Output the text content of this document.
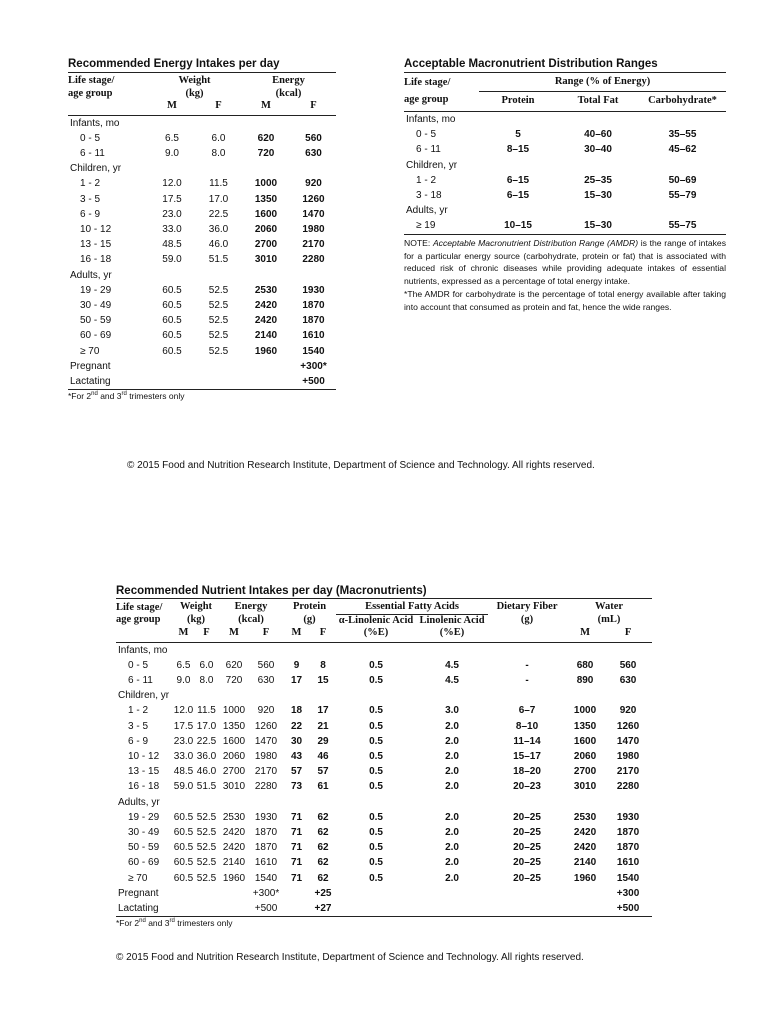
Recommended Energy Intakes per day
Life stage/	Weight		Energy	
age group	(kg)		(kcal)	
	M	F	M	F
Infants, mo				
0 - 5	6.5	6.0	620	560
6 - 11	9.0	8.0	720	630
Children, yr				
1 - 2	12.0	11.5	1000	920
3 - 5	17.5	17.0	1350	1260
6 - 9	23.0	22.5	1600	1470
10 - 12	33.0	36.0	2060	1980
13 - 15	48.5	46.0	2700	2170
16 - 18	59.0	51.5	3010	2280
Adults, yr				
19 - 29	60.5	52.5	2530	1930
30 - 49	60.5	52.5	2420	1870
50 - 59	60.5	52.5	2420	1870
60 - 69	60.5	52.5	2140	1610
≥ 70	60.5	52.5	1960	1540
Pregnant				+300*
Lactating				+500
*For 2nd and 3rd trimesters only
Acceptable Macronutrient Distribution Ranges
Life stage/	Range (% of Energy)		
age group	Protein	Total Fat	Carbohydrate*
Infants, mo			
0 - 5	5	40–60	35–55
6 - 11	8–15	30–40	45–62
Children, yr			
1 - 2	6–15	25–35	50–69
3 - 18	6–15	15–30	55–79
Adults, yr			
≥ 19	10–15	15–30	55–75
NOTE: Acceptable Macronutrient Distribution Range (AMDR) is the range of intakes for a particular energy source (carbohydrate, protein or fat) that is associated with reduced risk of chronic diseases while providing adequate intakes of essential nutrients, expressed as a percentage of total energy intake.
*The AMDR for carbohydrate is the percentage of total energy available after taking into account that consumed as protein and fat, hence the wide ranges.
© 2015 Food and Nutrition Research Institute, Department of Science and Technology. All rights reserved.
Recommended Nutrient Intakes per day (Macronutrients)
Life stage/
age group	Weight		Energy		Protein		Essential Fatty Acids		Dietary Fiber	Water	
	(kg)		(kcal)		(g)		α-Linolenic Acid	Linolenic Acid	(g)	(mL)	
	M	F	M	F	M	F	(%E)	(%E)		M	F
Infants, mo											
0 - 5	6.5	6.0	620	560	9	8	0.5	4.5	-	680	560
6 - 11	9.0	8.0	720	630	17	15	0.5	4.5	-	890	630
Children, yr											
1 - 2	12.0	11.5	1000	920	18	17	0.5	3.0	6–7	1000	920
3 - 5	17.5	17.0	1350	1260	22	21	0.5	2.0	8–10	1350	1260
6 - 9	23.0	22.5	1600	1470	30	29	0.5	2.0	11–14	1600	1470
10 - 12	33.0	36.0	2060	1980	43	46	0.5	2.0	15–17	2060	1980
13 - 15	48.5	46.0	2700	2170	57	57	0.5	2.0	18–20	2700	2170
16 - 18	59.0	51.5	3010	2280	73	61	0.5	2.0	20–23	3010	2280
Adults, yr											
19 - 29	60.5	52.5	2530	1930	71	62	0.5	2.0	20–25	2530	1930
30 - 49	60.5	52.5	2420	1870	71	62	0.5	2.0	20–25	2420	1870
50 - 59	60.5	52.5	2420	1870	71	62	0.5	2.0	20–25	2420	1870
60 - 69	60.5	52.5	2140	1610	71	62	0.5	2.0	20–25	2140	1610
≥ 70	60.5	52.5	1960	1540	71	62	0.5	2.0	20–25	1960	1540
Pregnant				+300*		+25					+300
Lactating				+500		+27					+500
*For 2nd and 3rd trimesters only
© 2015 Food and Nutrition Research Institute, Department of Science and Technology. All rights reserved.
